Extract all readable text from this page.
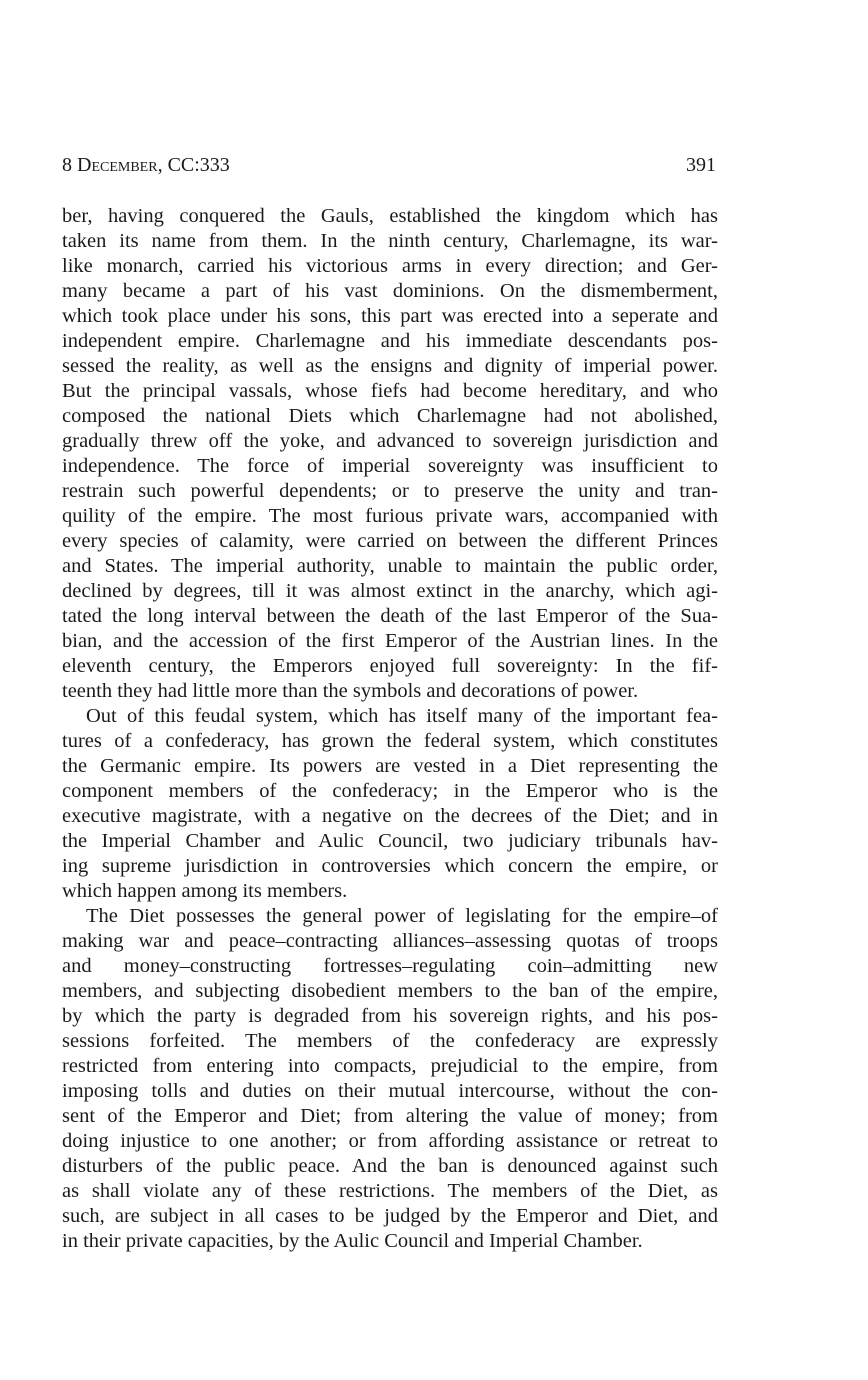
8 December, CC:333	391
ber, having conquered the Gauls, established the kingdom which has
taken its name from them. In the ninth century, Charlemagne, its war-
like monarch, carried his victorious arms in every direction; and Ger-
many became a part of his vast dominions. On the dismemberment,
which took place under his sons, this part was erected into a seperate and
independent empire. Charlemagne and his immediate descendants pos-
sessed the reality, as well as the ensigns and dignity of imperial power.
But the principal vassals, whose fiefs had become hereditary, and who
composed the national Diets which Charlemagne had not abolished,
gradually threw off the yoke, and advanced to sovereign jurisdiction and
independence. The force of imperial sovereignty was insufficient to
restrain such powerful dependents; or to preserve the unity and tran-
quility of the empire. The most furious private wars, accompanied with
every species of calamity, were carried on between the different Princes
and States. The imperial authority, unable to maintain the public order,
declined by degrees, till it was almost extinct in the anarchy, which agi-
tated the long interval between the death of the last Emperor of the Sua-
bian, and the accession of the first Emperor of the Austrian lines. In the
eleventh century, the Emperors enjoyed full sovereignty: In the fif-
teenth they had little more than the symbols and decorations of power.
Out of this feudal system, which has itself many of the important fea-
tures of a confederacy, has grown the federal system, which constitutes
the Germanic empire. Its powers are vested in a Diet representing the
component members of the confederacy; in the Emperor who is the
executive magistrate, with a negative on the decrees of the Diet; and in
the Imperial Chamber and Aulic Council, two judiciary tribunals hav-
ing supreme jurisdiction in controversies which concern the empire, or
which happen among its members.
The Diet possesses the general power of legislating for the empire–of
making war and peace–contracting alliances–assessing quotas of troops
and money–constructing fortresses–regulating coin–admitting new
members, and subjecting disobedient members to the ban of the empire,
by which the party is degraded from his sovereign rights, and his pos-
sessions forfeited. The members of the confederacy are expressly
restricted from entering into compacts, prejudicial to the empire, from
imposing tolls and duties on their mutual intercourse, without the con-
sent of the Emperor and Diet; from altering the value of money; from
doing injustice to one another; or from affording assistance or retreat to
disturbers of the public peace. And the ban is denounced against such
as shall violate any of these restrictions. The members of the Diet, as
such, are subject in all cases to be judged by the Emperor and Diet, and
in their private capacities, by the Aulic Council and Imperial Chamber.
